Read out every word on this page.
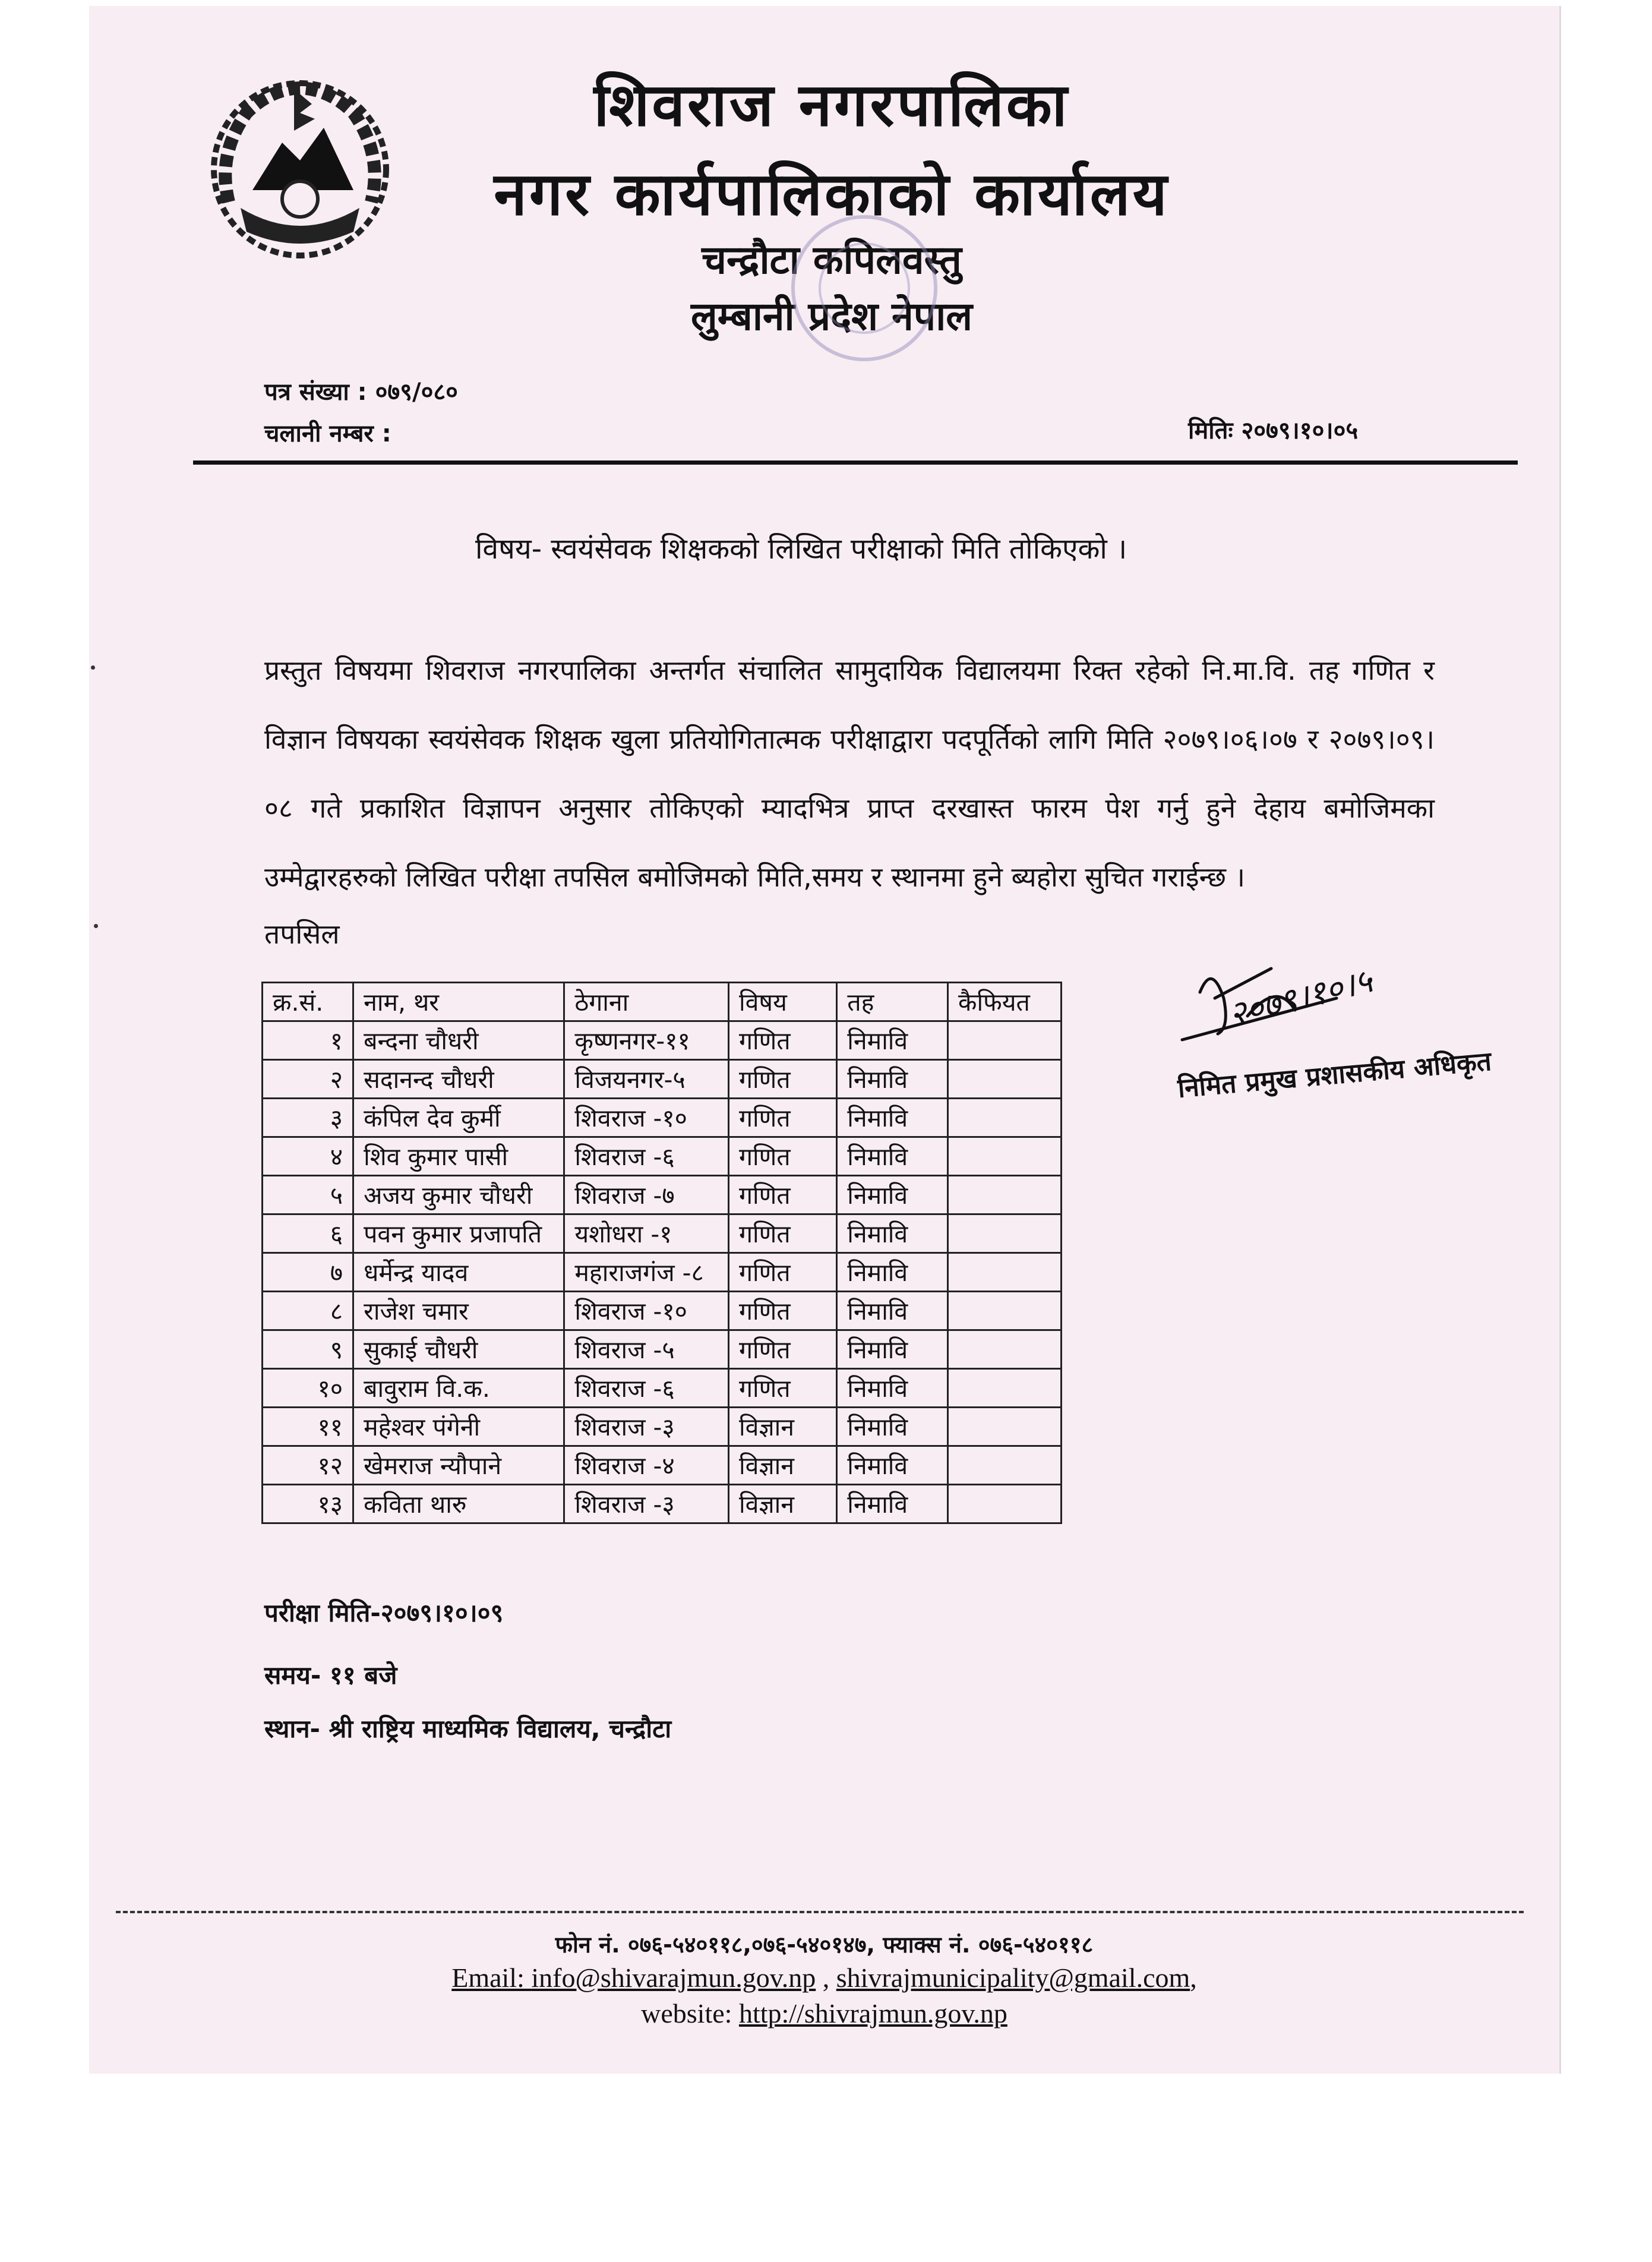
शिवराज नगरपालिका
नगर कार्यपालिकाको कार्यालय
चन्द्रौटा कपिलवस्तु
लुम्बानी प्रदेश नेपाल
पत्र संख्या : ०७९/०८०
चलानी नम्बर :	मितिः २०७९।१०।०५
विषय- स्वयंसेवक शिक्षकको लिखित परीक्षाको मिति तोकिएको ।

प्रस्तुत विषयमा शिवराज नगरपालिका अन्तर्गत संचालित सामुदायिक विद्यालयमा रिक्त रहेको नि.मा.वि. तह गणित र विज्ञान विषयका स्वयंसेवक शिक्षक खुला प्रतियोगितात्मक परीक्षाद्वारा पदपूर्तिको लागि मिति २०७९।०६।०७ र २०७९।०९।०८ गते प्रकाशित विज्ञापन अनुसार तोकिएको म्यादभित्र प्राप्त दरखास्त फारम पेश गर्नु हुने देहाय बमोजिमका उम्मेद्वारहरुको लिखित परीक्षा तपसिल बमोजिमको मिति,समय र स्थानमा हुने ब्यहोरा सुचित गराईन्छ ।

तपसिल
क्र.सं.	नाम, थर	ठेगाना	विषय	तह	कैफियत
१	बन्दना चौधरी	कृष्णनगर-११	गणित	निमावि	
२	सदानन्द चौधरी	विजयनगर-५	गणित	निमावि	
३	कंपिल देव कुर्मी	शिवराज -१०	गणित	निमावि	
४	शिव कुमार पासी	शिवराज -६	गणित	निमावि	
५	अजय कुमार चौधरी	शिवराज -७	गणित	निमावि	
६	पवन कुमार प्रजापति	यशोधरा -१	गणित	निमावि	
७	धर्मेन्द्र यादव	महाराजगंज -८	गणित	निमावि	
८	राजेश चमार	शिवराज -१०	गणित	निमावि	
९	सुकाई चौधरी	शिवराज -५	गणित	निमावि	
१०	बावुराम वि.क.	शिवराज -६	गणित	निमावि	
११	महेश्वर पंगेनी	शिवराज -३	विज्ञान	निमावि	
१२	खेमराज न्यौपाने	शिवराज -४	विज्ञान	निमावि	
१३	कविता थारु	शिवराज -३	विज्ञान	निमावि	
२०७९।१०।५
निमित प्रमुख प्रशासकीय अधिकृत
परीक्षा मिति-२०७९।१०।०९
समय- ११ बजे
स्थान- श्री राष्ट्रिय माध्यमिक विद्यालय, चन्द्रौटा
फोन नं. ०७६-५४०११८,०७६-५४०१४७, फ्याक्स नं. ०७६-५४०११८
Email: info@shivarajmun.gov.np , shivrajmunicipality@gmail.com,
website: http://shivrajmun.gov.np
